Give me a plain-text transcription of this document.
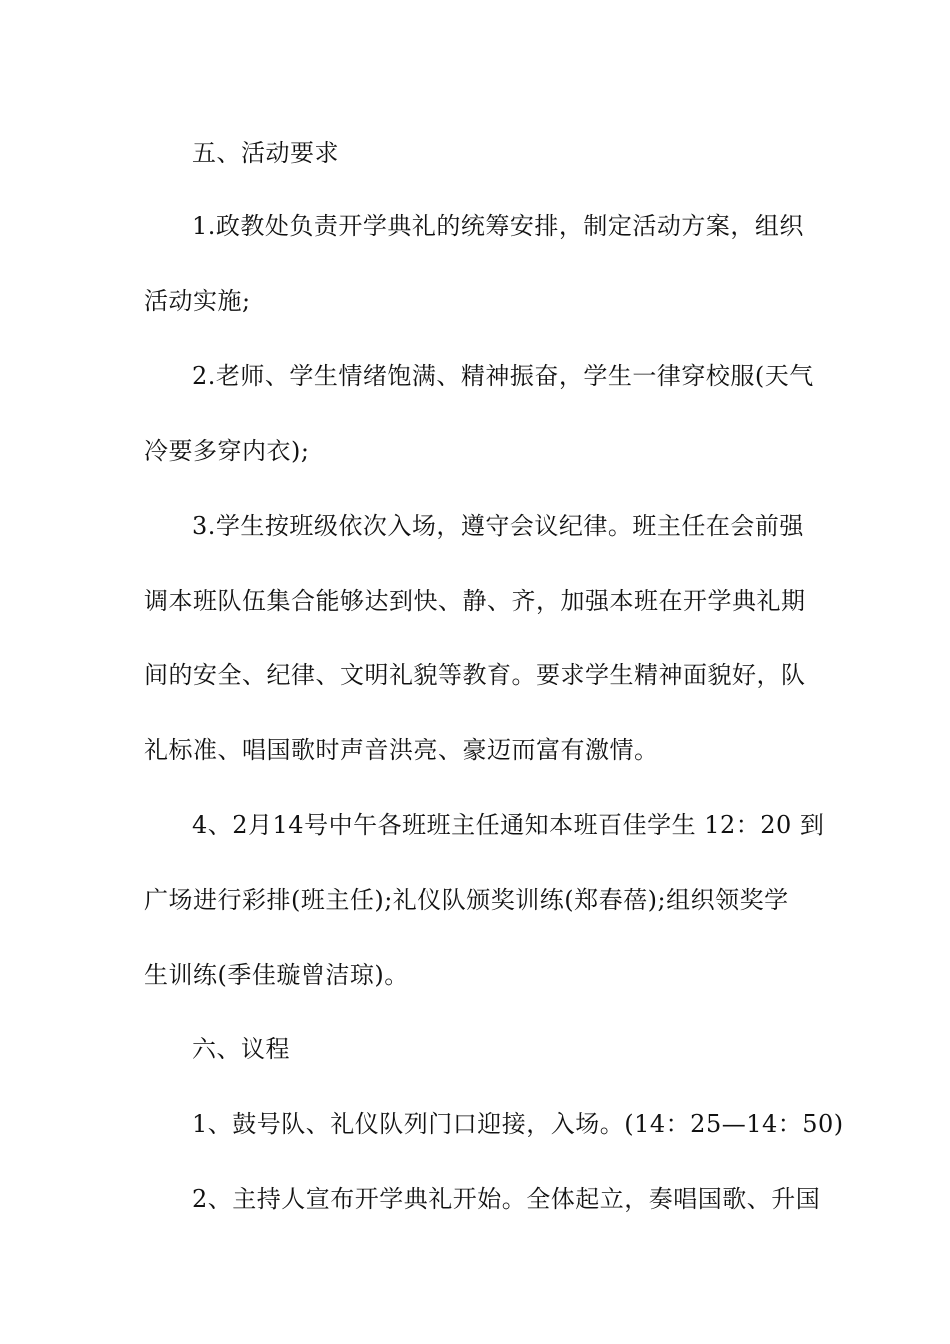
五、活动要求
1.政教处负责开学典礼的统筹安排，制定活动方案，组织
活动实施;
2.老师、学生情绪饱满、精神振奋，学生一律穿校服(天气
冷要多穿内衣);
3.学生按班级依次入场，遵守会议纪律。班主任在会前强
调本班队伍集合能够达到快、静、齐，加强本班在开学典礼期
间的安全、纪律、文明礼貌等教育。要求学生精神面貌好，队
礼标准、唱国歌时声音洪亮、豪迈而富有激情。
4、2月14号中午各班班主任通知本班百佳学生 12：20 到
广场进行彩排(班主任);礼仪队颁奖训练(郑春蓓);组织领奖学
生训练(季佳璇曾洁琼)。
六、议程
1、鼓号队、礼仪队列门口迎接，入场。(14：25—14：50)
2、主持人宣布开学典礼开始。全体起立，奏唱国歌、升国
